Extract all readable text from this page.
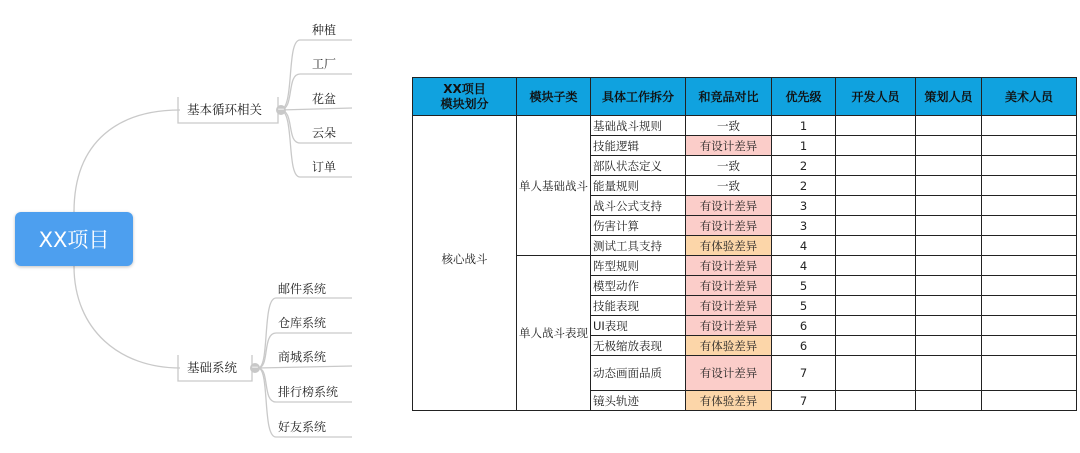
XX项目
基本循环相关	−
种植
工厂
花盆
云朵
订单
基础系统	−
邮件系统
仓库系统
商城系统
排行榜系统
好友系统
XX项目
模块划分	模块子类	具体工作拆分	和竞品对比	优先级	开发人员	策划人员	美术人员
核心战斗	单人基础战斗	基础战斗规则	一致	1			
		技能逻辑	有设计差异	1			
		部队状态定义	一致	2			
		能量规则	一致	2			
		战斗公式支持	有设计差异	3			
		伤害计算	有设计差异	3			
		测试工具支持	有体验差异	4			
	单人战斗表现	阵型规则	有设计差异	4			
		模型动作	有设计差异	5			
		技能表现	有设计差异	5			
		UI表现	有设计差异	6			
		无极缩放表现	有体验差异	6			
		动态画面品质	有设计差异	7			
		镜头轨迹	有体验差异	7			
